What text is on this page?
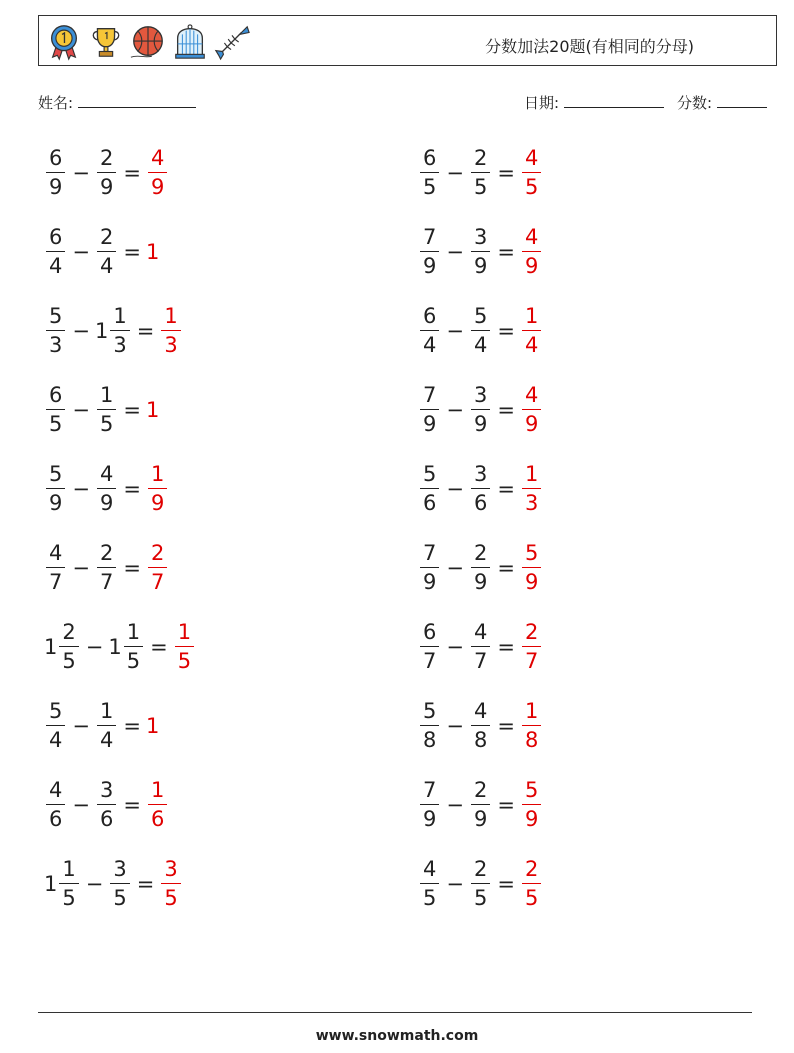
分数加法20题(有相同的分母)
姓名:	日期:	分数:
$\frac{6}{9} - \frac{2}{9} = \frac{4}{9}$	$\frac{6}{5} - \frac{2}{5} = \frac{4}{5}$
$\frac{6}{4} - \frac{2}{4} = 1$	$\frac{7}{9} - \frac{3}{9} = \frac{4}{9}$
$\frac{5}{3} - 1 \frac{1}{3} = \frac{1}{3}$	$\frac{6}{4} - \frac{5}{4} = \frac{1}{4}$
$\frac{6}{5} - \frac{1}{5} = 1$	$\frac{7}{9} - \frac{3}{9} = \frac{4}{9}$
$\frac{5}{9} - \frac{4}{9} = \frac{1}{9}$	$\frac{5}{6} - \frac{3}{6} = \frac{1}{3}$
$\frac{4}{7} - \frac{2}{7} = \frac{2}{7}$	$\frac{7}{9} - \frac{2}{9} = \frac{5}{9}$
$1 \frac{2}{5} - 1 \frac{1}{5} = \frac{1}{5}$	$\frac{6}{7} - \frac{4}{7} = \frac{2}{7}$
$\frac{5}{4} - \frac{1}{4} = 1$	$\frac{5}{8} - \frac{4}{8} = \frac{1}{8}$
$\frac{4}{6} - \frac{3}{6} = \frac{1}{6}$	$\frac{7}{9} - \frac{2}{9} = \frac{5}{9}$
$1 \frac{1}{5} - \frac{3}{5} = \frac{3}{5}$	$\frac{4}{5} - \frac{2}{5} = \frac{2}{5}$
www.snowmath.com
